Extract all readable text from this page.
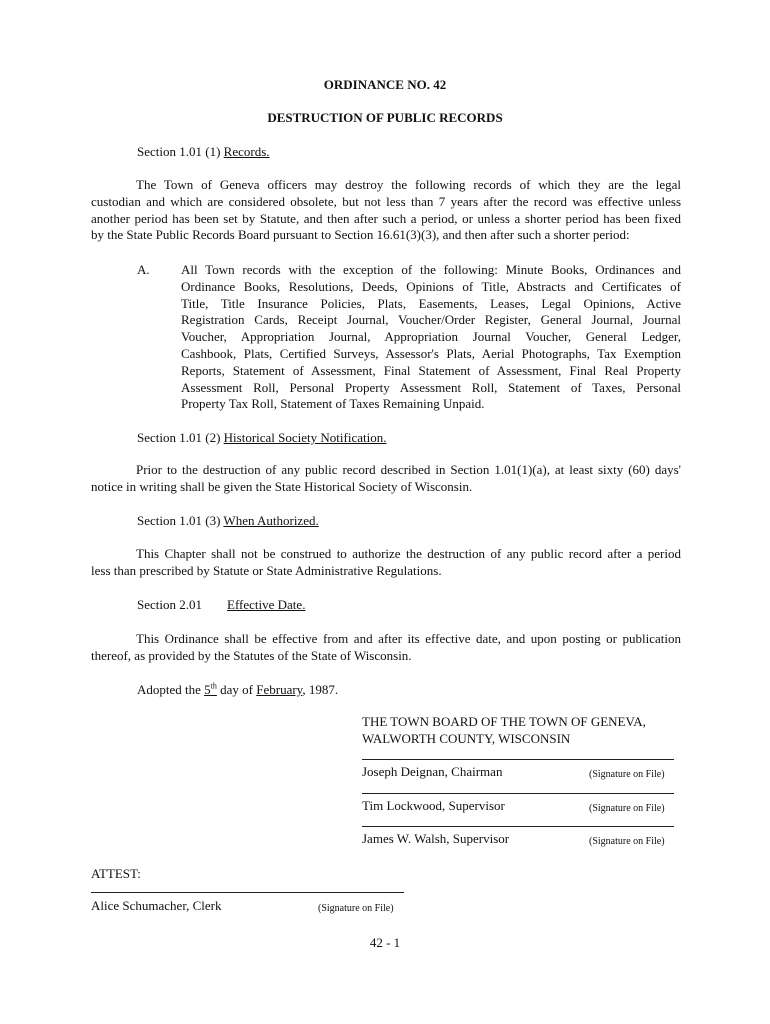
ORDINANCE NO. 42
DESTRUCTION OF PUBLIC RECORDS
Section 1.01 (1) Records.
The Town of Geneva officers may destroy the following records of which they are the legal
custodian and which are considered obsolete, but not less than 7 years after the record was effective unless
another period has been set by Statute, and then after such a period, or unless a shorter period has been fixed
by the State Public Records Board pursuant to Section 16.61(3)(3), and then after such a shorter period:
A. All Town records with the exception of the following: Minute Books, Ordinances and
Ordinance Books, Resolutions, Deeds, Opinions of Title, Abstracts and Certificates of
Title, Title Insurance Policies, Plats, Easements, Leases, Legal Opinions, Active
Registration Cards, Receipt Journal, Voucher/Order Register, General Journal, Journal
Voucher, Appropriation Journal, Appropriation Journal Voucher, General Ledger,
Cashbook, Plats, Certified Surveys, Assessor's Plats, Aerial Photographs, Tax Exemption
Reports, Statement of Assessment, Final Statement of Assessment, Final Real Property
Assessment Roll, Personal Property Assessment Roll, Statement of Taxes, Personal
Property Tax Roll, Statement of Taxes Remaining Unpaid.
Section 1.01 (2) Historical Society Notification.
Prior to the destruction of any public record described in Section 1.01(1)(a), at least sixty (60) days'
notice in writing shall be given the State Historical Society of Wisconsin.
Section 1.01 (3) When Authorized.
This Chapter shall not be construed to authorize the destruction of any public record after a period
less than prescribed by Statute or State Administrative Regulations.
Section 2.01 Effective Date.
This Ordinance shall be effective from and after its effective date, and upon posting or publication
thereof, as provided by the Statutes of the State of Wisconsin.
Adopted the 5th day of February, 1987.
THE TOWN BOARD OF THE TOWN OF GENEVA,
WALWORTH COUNTY, WISCONSIN
Joseph Deignan, Chairman	(Signature on File)
Tim Lockwood, Supervisor	(Signature on File)
James W. Walsh, Supervisor	(Signature on File)
ATTEST:
Alice Schumacher, Clerk	(Signature on File)
42 - 1
